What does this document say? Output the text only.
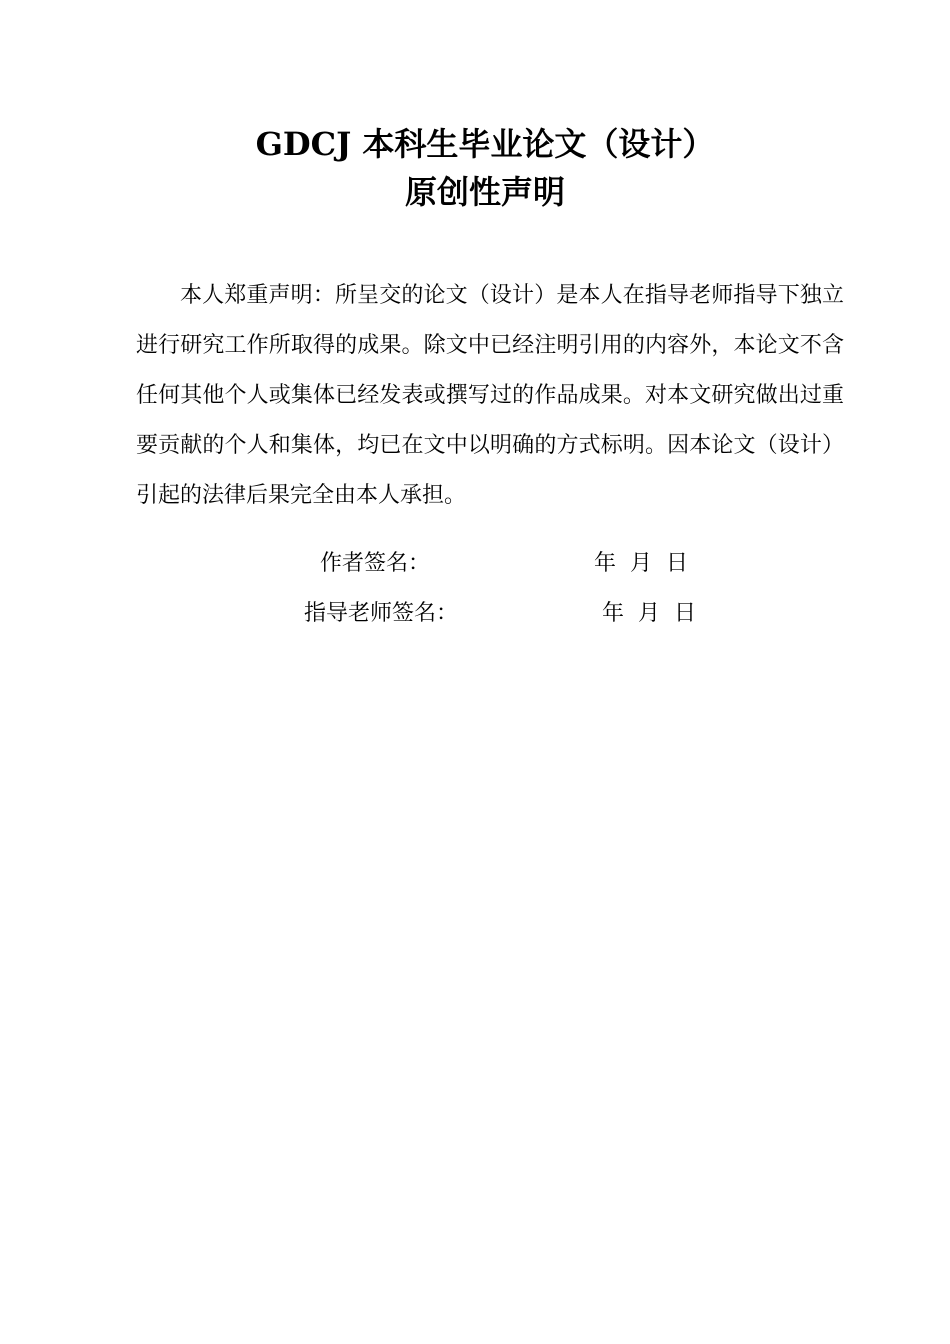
GDCJ 本科生毕业论文（设计）
原创性声明

本人郑重声明：所呈交的论文（设计）是本人在指导老师指导下独立进行研究工作所取得的成果。除文中已经注明引用的内容外，本论文不含任何其他个人或集体已经发表或撰写过的作品成果。对本文研究做出过重要贡献的个人和集体，均已在文中以明确的方式标明。因本论文（设计）引起的法律后果完全由本人承担。

作者签名：	年 月 日
指导老师签名：	年 月 日
